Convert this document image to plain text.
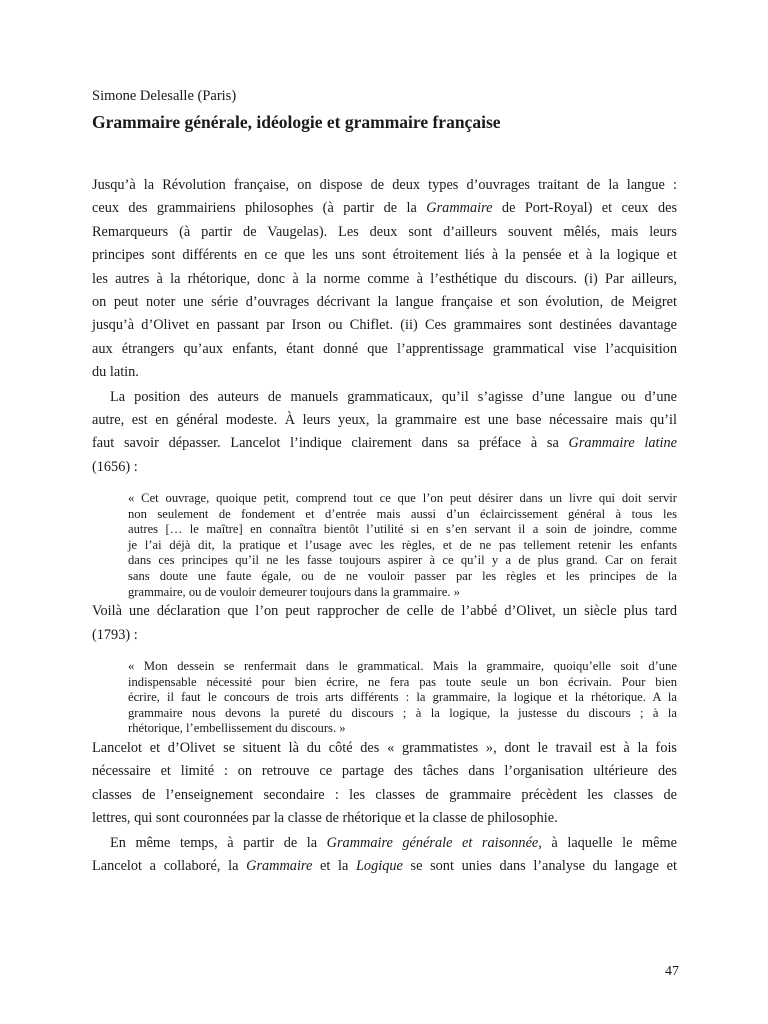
Simone Delesalle (Paris)
Grammaire générale, idéologie et grammaire française
Jusqu’à la Révolution française, on dispose de deux types d’ouvrages traitant de la langue :
ceux des grammairiens philosophes (à partir de la Grammaire de Port-Royal) et ceux des
Remarqueurs (à partir de Vaugelas). Les deux sont d’ailleurs souvent mêlés, mais leurs
principes sont différents en ce que les uns sont étroitement liés à la pensée et à la logique et
les autres à la rhétorique, donc à la norme comme à l’esthétique du discours. (i) Par ailleurs,
on peut noter une série d’ouvrages décrivant la langue française et son évolution, de Meigret
jusqu’à d’Olivet en passant par Irson ou Chiflet. (ii) Ces grammaires sont destinées davantage
aux étrangers qu’aux enfants, étant donné que l’apprentissage grammatical vise l’acquisition
du latin.
La position des auteurs de manuels grammaticaux, qu’il s’agisse d’une langue ou d’une
autre, est en général modeste. À leurs yeux, la grammaire est une base nécessaire mais qu’il
faut savoir dépasser. Lancelot l’indique clairement dans sa préface à sa Grammaire latine
(1656) :
« Cet ouvrage, quoique petit, comprend tout ce que l’on peut désirer dans un livre qui doit servir
non seulement de fondement et d’entrée mais aussi d’un éclaircissement général à tous les
autres [… le maître] en connaîtra bientôt l’utilité si en s’en servant il a soin de joindre, comme
je l’ai déjà dit, la pratique et l’usage avec les règles, et de ne pas tellement retenir les enfants
dans ces principes qu’il ne les fasse toujours aspirer à ce qu’il y a de plus grand. Car on ferait
sans doute une faute égale, ou de ne vouloir passer par les règles et les principes de la
grammaire, ou de vouloir demeurer toujours dans la grammaire. »
Voilà une déclaration que l’on peut rapprocher de celle de l’abbé d’Olivet, un siècle plus tard
(1793) :
« Mon dessein se renfermait dans le grammatical. Mais la grammaire, quoiqu’elle soit d’une
indispensable nécessité pour bien écrire, ne fera pas toute seule un bon écrivain. Pour bien
écrire, il faut le concours de trois arts différents : la grammaire, la logique et la rhétorique. A la
grammaire nous devons la pureté du discours ; à la logique, la justesse du discours ; à la
rhétorique, l’embellissement du discours. »
Lancelot et d’Olivet se situent là du côté des « grammatistes », dont le travail est à la fois
nécessaire et limité : on retrouve ce partage des tâches dans l’organisation ultérieure des
classes de l’enseignement secondaire : les classes de grammaire précèdent les classes de
lettres, qui sont couronnées par la classe de rhétorique et la classe de philosophie.
En même temps, à partir de la Grammaire générale et raisonnée, à laquelle le même
Lancelot a collaboré, la Grammaire et la Logique se sont unies dans l’analyse du langage et
47
